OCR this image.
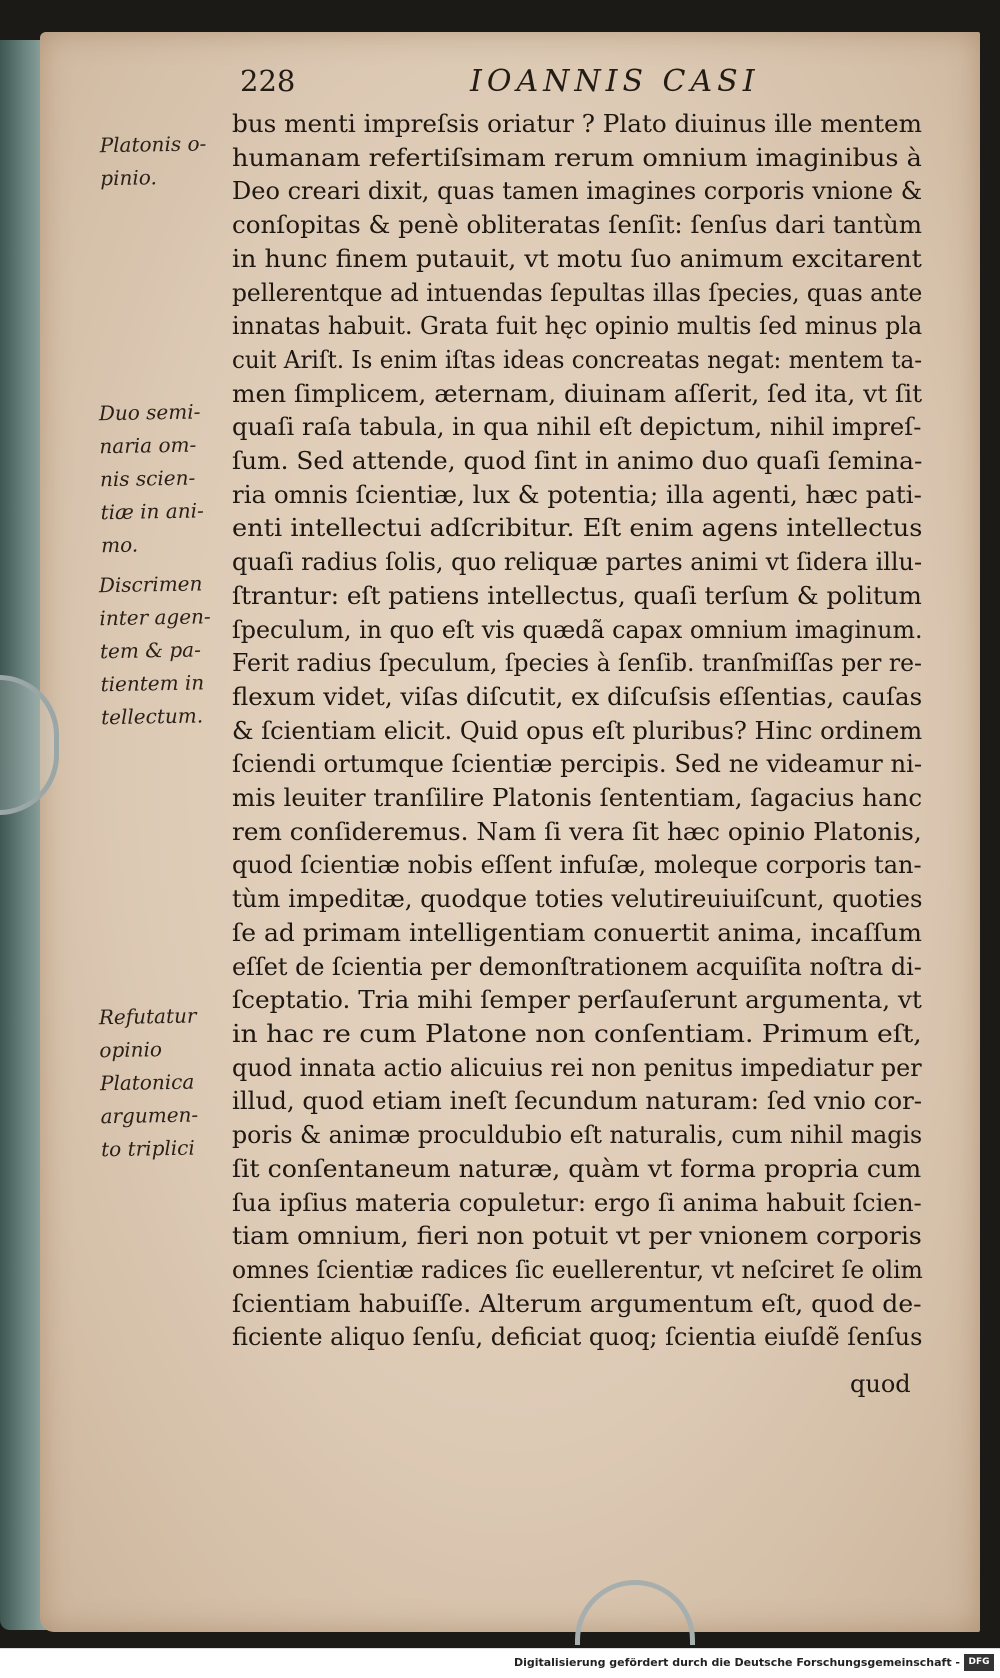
228	IOANNIS CASI
Platonis o-
pinio.
Duo semi-
naria om-
nis scien-
tiæ in ani-
mo.
Discrimen
inter agen-
tem & pa-
tientem in
tellectum.
Refutatur
opinio
Platonica
argumen-
to triplici
bus menti impreſsis oriatur ? Plato diuinus ille mentem
humanam refertiſsimam rerum omnium imaginibus à
Deo creari dixit, quas tamen imagines corporis vnione &
conſopitas & penè obliteratas ſenſit: ſenſus dari tantùm
in hunc finem putauit, vt motu ſuo animum excitarent
pellerentque ad intuendas ſepultas illas ſpecies, quas ante
innatas habuit. Grata fuit hęc opinio multis ſed minus pla
cuit Ariſt. Is enim iſtas ideas concreatas negat: mentem ta-
men ſimplicem, æternam, diuinam aſſerit, ſed ita, vt ſit
quaſi raſa tabula, in qua nihil eſt depictum, nihil impreſ-
ſum. Sed attende, quod ſint in animo duo quaſi ſemina-
ria omnis ſcientiæ, lux & potentia; illa agenti, hæc pati-
enti intellectui adſcribitur. Eſt enim agens intellectus
quaſi radius ſolis, quo reliquæ partes animi vt ſidera illu-
ſtrantur: eſt patiens intellectus, quaſi terſum & politum
ſpeculum, in quo eſt vis quædã capax omnium imaginum.
Ferit radius ſpeculum, ſpecies à ſenſib. tranſmiſſas per re-
flexum videt, viſas diſcutit, ex diſcuſsis eſſentias, cauſas
& ſcientiam elicit. Quid opus eſt pluribus? Hinc ordinem
ſciendi ortumque ſcientiæ percipis. Sed ne videamur ni-
mis leuiter tranſilire Platonis ſententiam, ſagacius hanc
rem conſideremus. Nam ſi vera ſit hæc opinio Platonis,
quod ſcientiæ nobis eſſent infuſæ, moleque corporis tan-
tùm impeditæ, quodque toties velutireuiuiſcunt, quoties
ſe ad primam intelligentiam conuertit anima, incaſſum
eſſet de ſcientia per demonſtrationem acquiſita noſtra di-
ſceptatio. Tria mihi ſemper perſauſerunt argumenta, vt
in hac re cum Platone non conſentiam. Primum eſt,
quod innata actio alicuius rei non penitus impediatur per
illud, quod etiam ineſt ſecundum naturam: ſed vnio cor-
poris & animæ proculdubio eſt naturalis, cum nihil magis
ſit conſentaneum naturæ, quàm vt forma propria cum
ſua ipſius materia copuletur: ergo ſi anima habuit ſcien-
tiam omnium, fieri non potuit vt per vnionem corporis
omnes ſcientiæ radices ſic euellerentur, vt neſciret ſe olim
ſcientiam habuiſſe. Alterum argumentum eſt, quod de-
ficiente aliquo ſenſu, deficiat quoq; ſcientia eiuſdẽ ſenſus
quod
Digitalisierung gefördert durch die Deutsche Forschungsgemeinschaft - DFG
